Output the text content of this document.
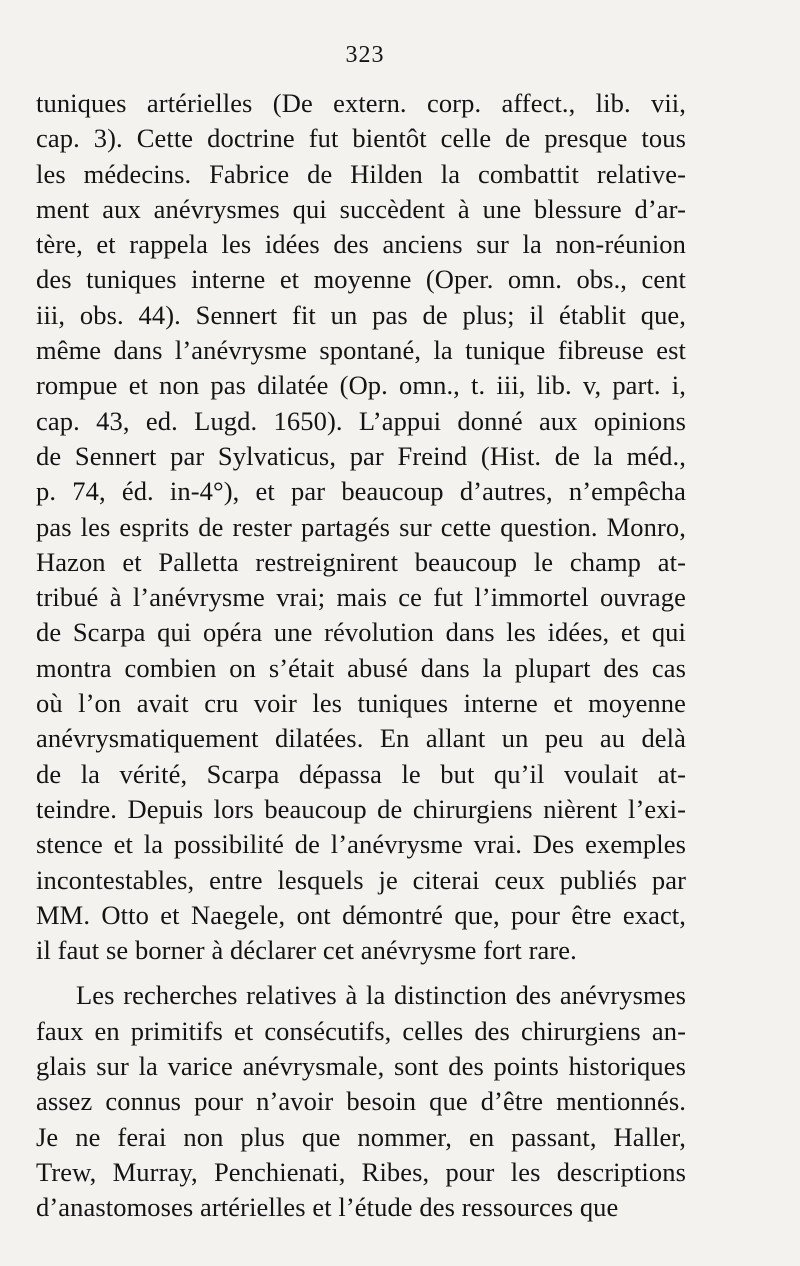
323
tuniques artérielles (De extern. corp. affect., lib. vii,
cap. 3). Cette doctrine fut bientôt celle de presque tous
les médecins. Fabrice de Hilden la combattit relative-
ment aux anévrysmes qui succèdent à une blessure d’ar-
tère, et rappela les idées des anciens sur la non-réunion
des tuniques interne et moyenne (Oper. omn. obs., cent
iii, obs. 44). Sennert fit un pas de plus; il établit que,
même dans l’anévrysme spontané, la tunique fibreuse est
rompue et non pas dilatée (Op. omn., t. iii, lib. v, part. i,
cap. 43, ed. Lugd. 1650). L’appui donné aux opinions
de Sennert par Sylvaticus, par Freind (Hist. de la méd.,
p. 74, éd. in-4°), et par beaucoup d’autres, n’empêcha
pas les esprits de rester partagés sur cette question. Monro,
Hazon et Palletta restreignirent beaucoup le champ at-
tribué à l’anévrysme vrai; mais ce fut l’immortel ouvrage
de Scarpa qui opéra une révolution dans les idées, et qui
montra combien on s’était abusé dans la plupart des cas
où l’on avait cru voir les tuniques interne et moyenne
anévrysmatiquement dilatées. En allant un peu au delà
de la vérité, Scarpa dépassa le but qu’il voulait at-
teindre. Depuis lors beaucoup de chirurgiens nièrent l’exi-
stence et la possibilité de l’anévrysme vrai. Des exemples
incontestables, entre lesquels je citerai ceux publiés par
MM. Otto et Naegele, ont démontré que, pour être exact,
il faut se borner à déclarer cet anévrysme fort rare.
Les recherches relatives à la distinction des anévrysmes
faux en primitifs et consécutifs, celles des chirurgiens an-
glais sur la varice anévrysmale, sont des points historiques
assez connus pour n’avoir besoin que d’être mentionnés.
Je ne ferai non plus que nommer, en passant, Haller,
Trew, Murray, Penchienati, Ribes, pour les descriptions
d’anastomoses artérielles et l’étude des ressources que
